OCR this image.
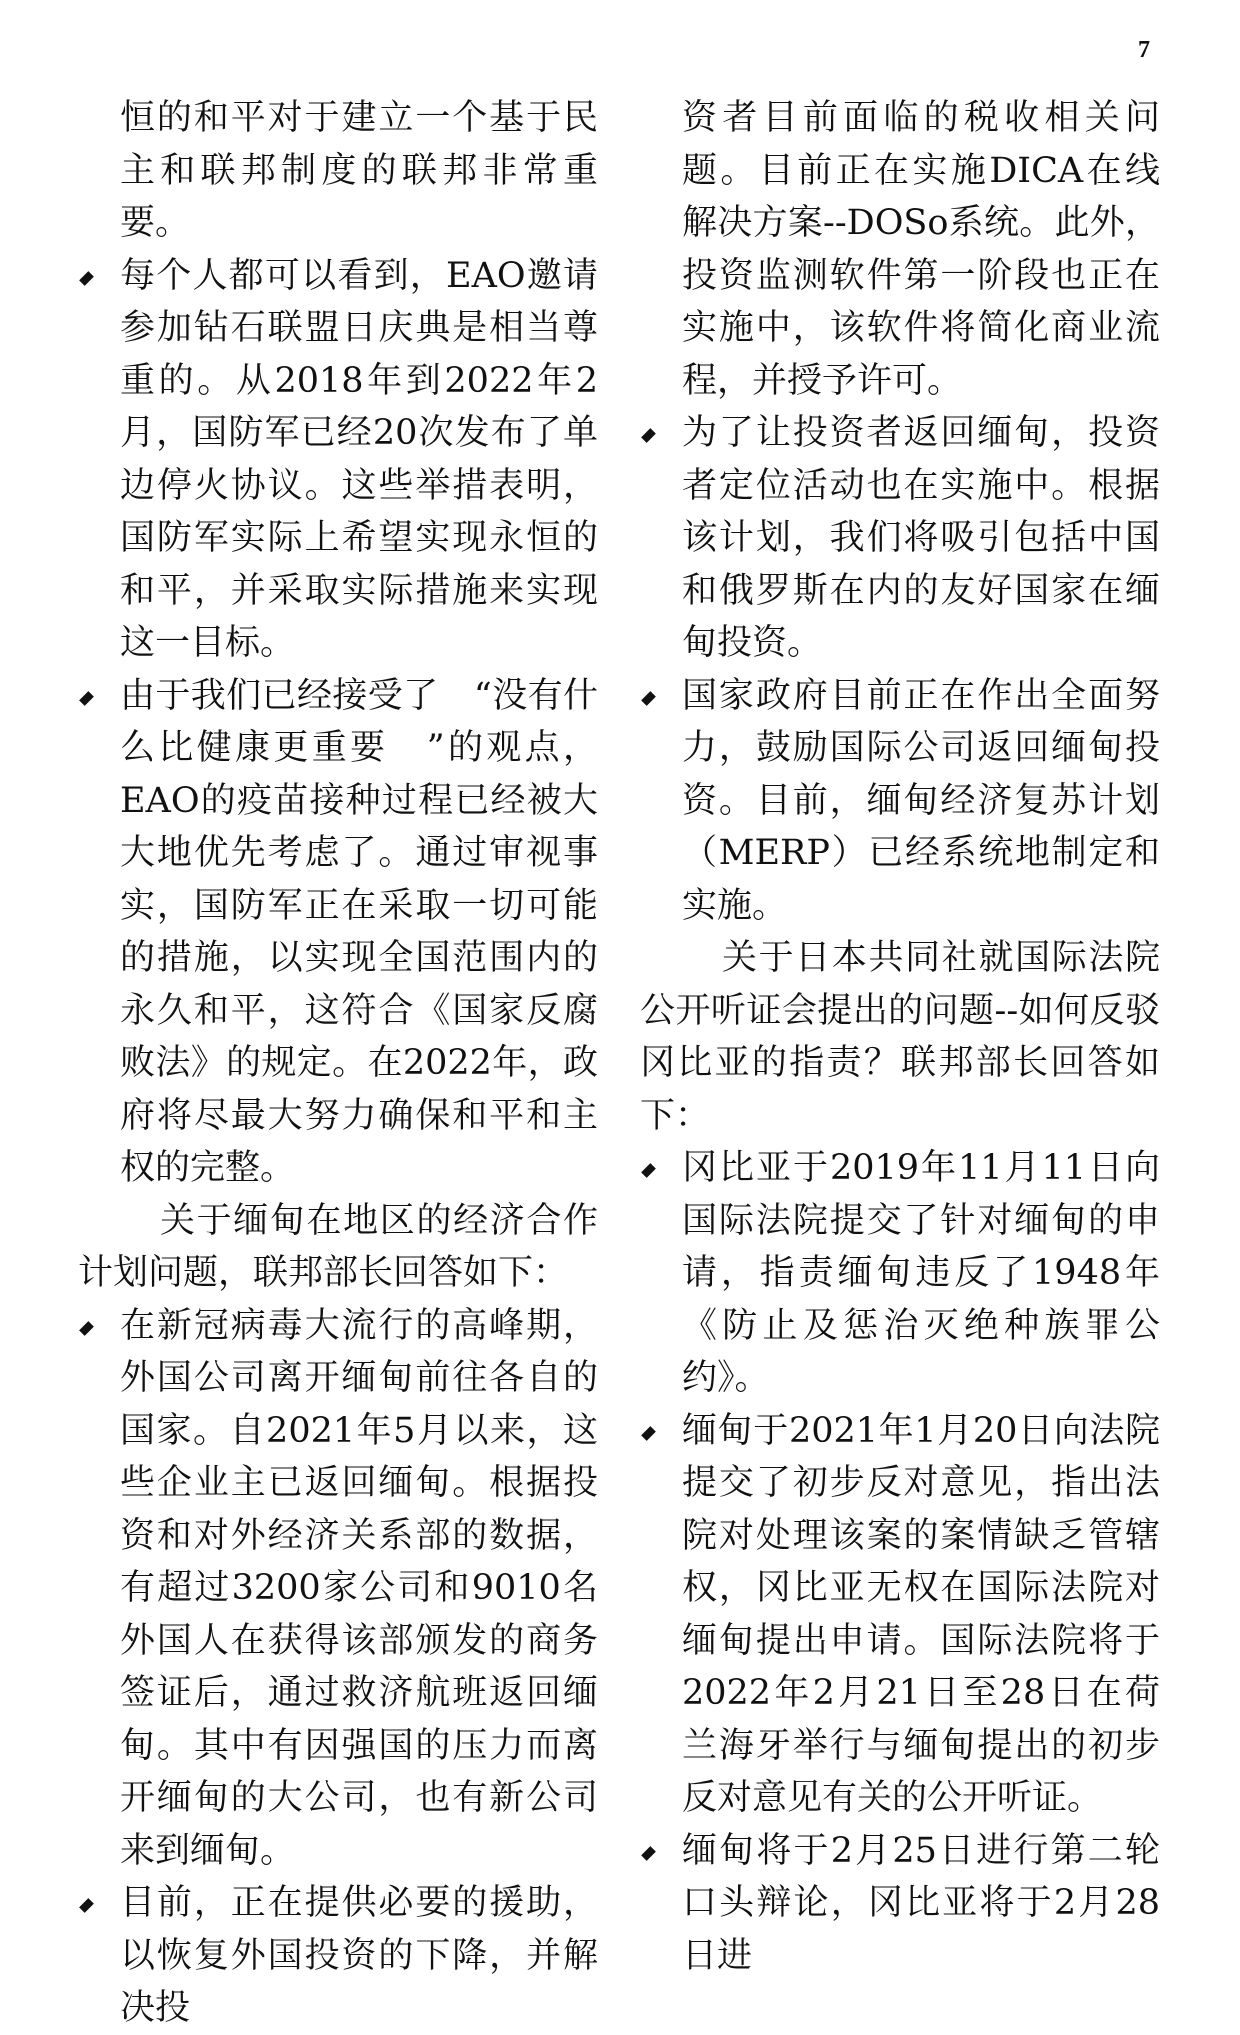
7

恒的和平对于建立一个基于民主和联邦制度的联邦非常重要。

每个人都可以看到，EAO邀请参加钻石联盟日庆典是相当尊重的。从2018年到2022年2月，国防军已经20次发布了单边停火协议。这些举措表明，国防军实际上希望实现永恒的和平，并采取实际措施来实现这一目标。

由于我们已经接受了　“没有什么比健康更重要　”的观点，EAO的疫苗接种过程已经被大大地优先考虑了。通过审视事实，国防军正在采取一切可能的措施，以实现全国范围内的永久和平，这符合《国家反腐败法》的规定。在2022年，政府将尽最大努力确保和平和主权的完整。

关于缅甸在地区的经济合作计划问题，联邦部长回答如下：

在新冠病毒大流行的高峰期，外国公司离开缅甸前往各自的国家。自2021年5月以来，这些企业主已返回缅甸。根据投资和对外经济关系部的数据，有超过3200家公司和9010名外国人在获得该部颁发的商务签证后，通过救济航班返回缅甸。其中有因强国的压力而离开缅甸的大公司，也有新公司来到缅甸。

目前，正在提供必要的援助，以恢复外国投资的下降，并解决投

资者目前面临的税收相关问题。目前正在实施DICA在线解决方案--DOSo系统。此外，投资监测软件第一阶段也正在实施中，该软件将简化商业流程，并授予许可。

为了让投资者返回缅甸，投资者定位活动也在实施中。根据该计划，我们将吸引包括中国和俄罗斯在内的友好国家在缅甸投资。

国家政府目前正在作出全面努力，鼓励国际公司返回缅甸投资。目前，缅甸经济复苏计划（MERP）已经系统地制定和实施。

关于日本共同社就国际法院公开听证会提出的问题--如何反驳冈比亚的指责？联邦部长回答如下：

冈比亚于2019年11月11日向国际法院提交了针对缅甸的申请，指责缅甸违反了1948年《防止及惩治灭绝种族罪公约》。

缅甸于2021年1月20日向法院提交了初步反对意见，指出法院对处理该案的案情缺乏管辖权，冈比亚无权在国际法院对缅甸提出申请。国际法院将于2022年2月21日至28日在荷兰海牙举行与缅甸提出的初步反对意见有关的公开听证。

缅甸将于2月25日进行第二轮口头辩论，冈比亚将于2月28日进
